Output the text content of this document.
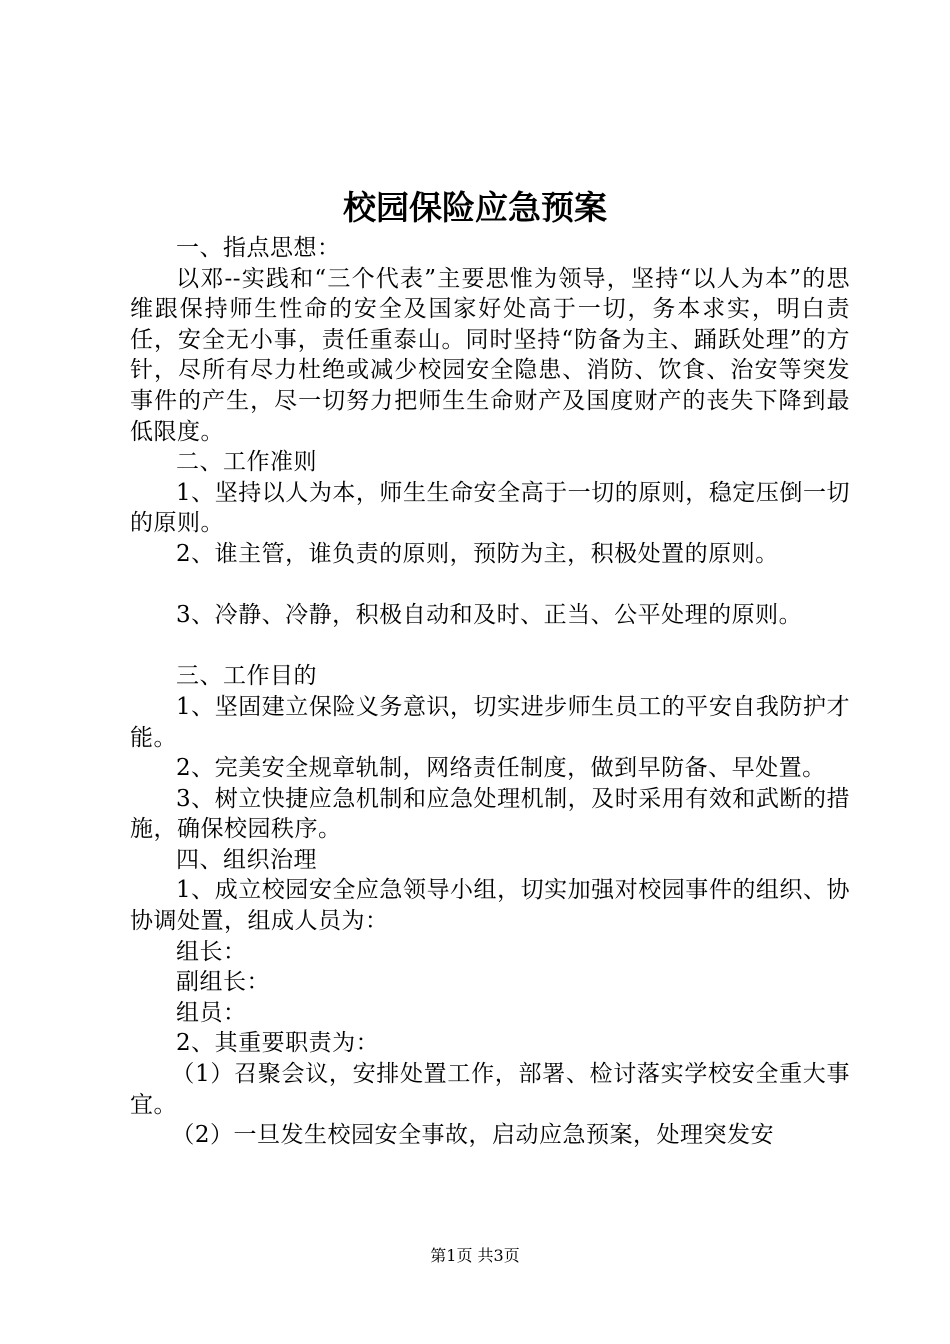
校园保险应急预案

一、指点思想：

以邓--实践和“三个代表”主要思惟为领导，坚持“以人为本”的思维跟保持师生性命的安全及国家好处高于一切，务本求实，明白责任，安全无小事，责任重泰山。同时坚持“防备为主、踊跃处理”的方针，尽所有尽力杜绝或减少校园安全隐患、消防、饮食、治安等突发事件的产生，尽一切努力把师生生命财产及国度财产的丧失下降到最低限度。

二、工作准则

1、坚持以人为本，师生生命安全高于一切的原则，稳定压倒一切的原则。

2、谁主管，谁负责的原则，预防为主，积极处置的原则。

3、冷静、冷静，积极自动和及时、正当、公平处理的原则。

三、工作目的

1、坚固建立保险义务意识，切实进步师生员工的平安自我防护才能。

2、完美安全规章轨制，网络责任制度，做到早防备、早处置。

3、树立快捷应急机制和应急处理机制，及时采用有效和武断的措施，确保校园秩序。

四、组织治理

1、成立校园安全应急领导小组，切实加强对校园事件的组织、协协调处置，组成人员为：

组长：

副组长：

组员：

2、其重要职责为：

（1）召聚会议，安排处置工作，部署、检讨落实学校安全重大事宜。

（2）一旦发生校园安全事故，启动应急预案，处理突发安

第1页 共3页
